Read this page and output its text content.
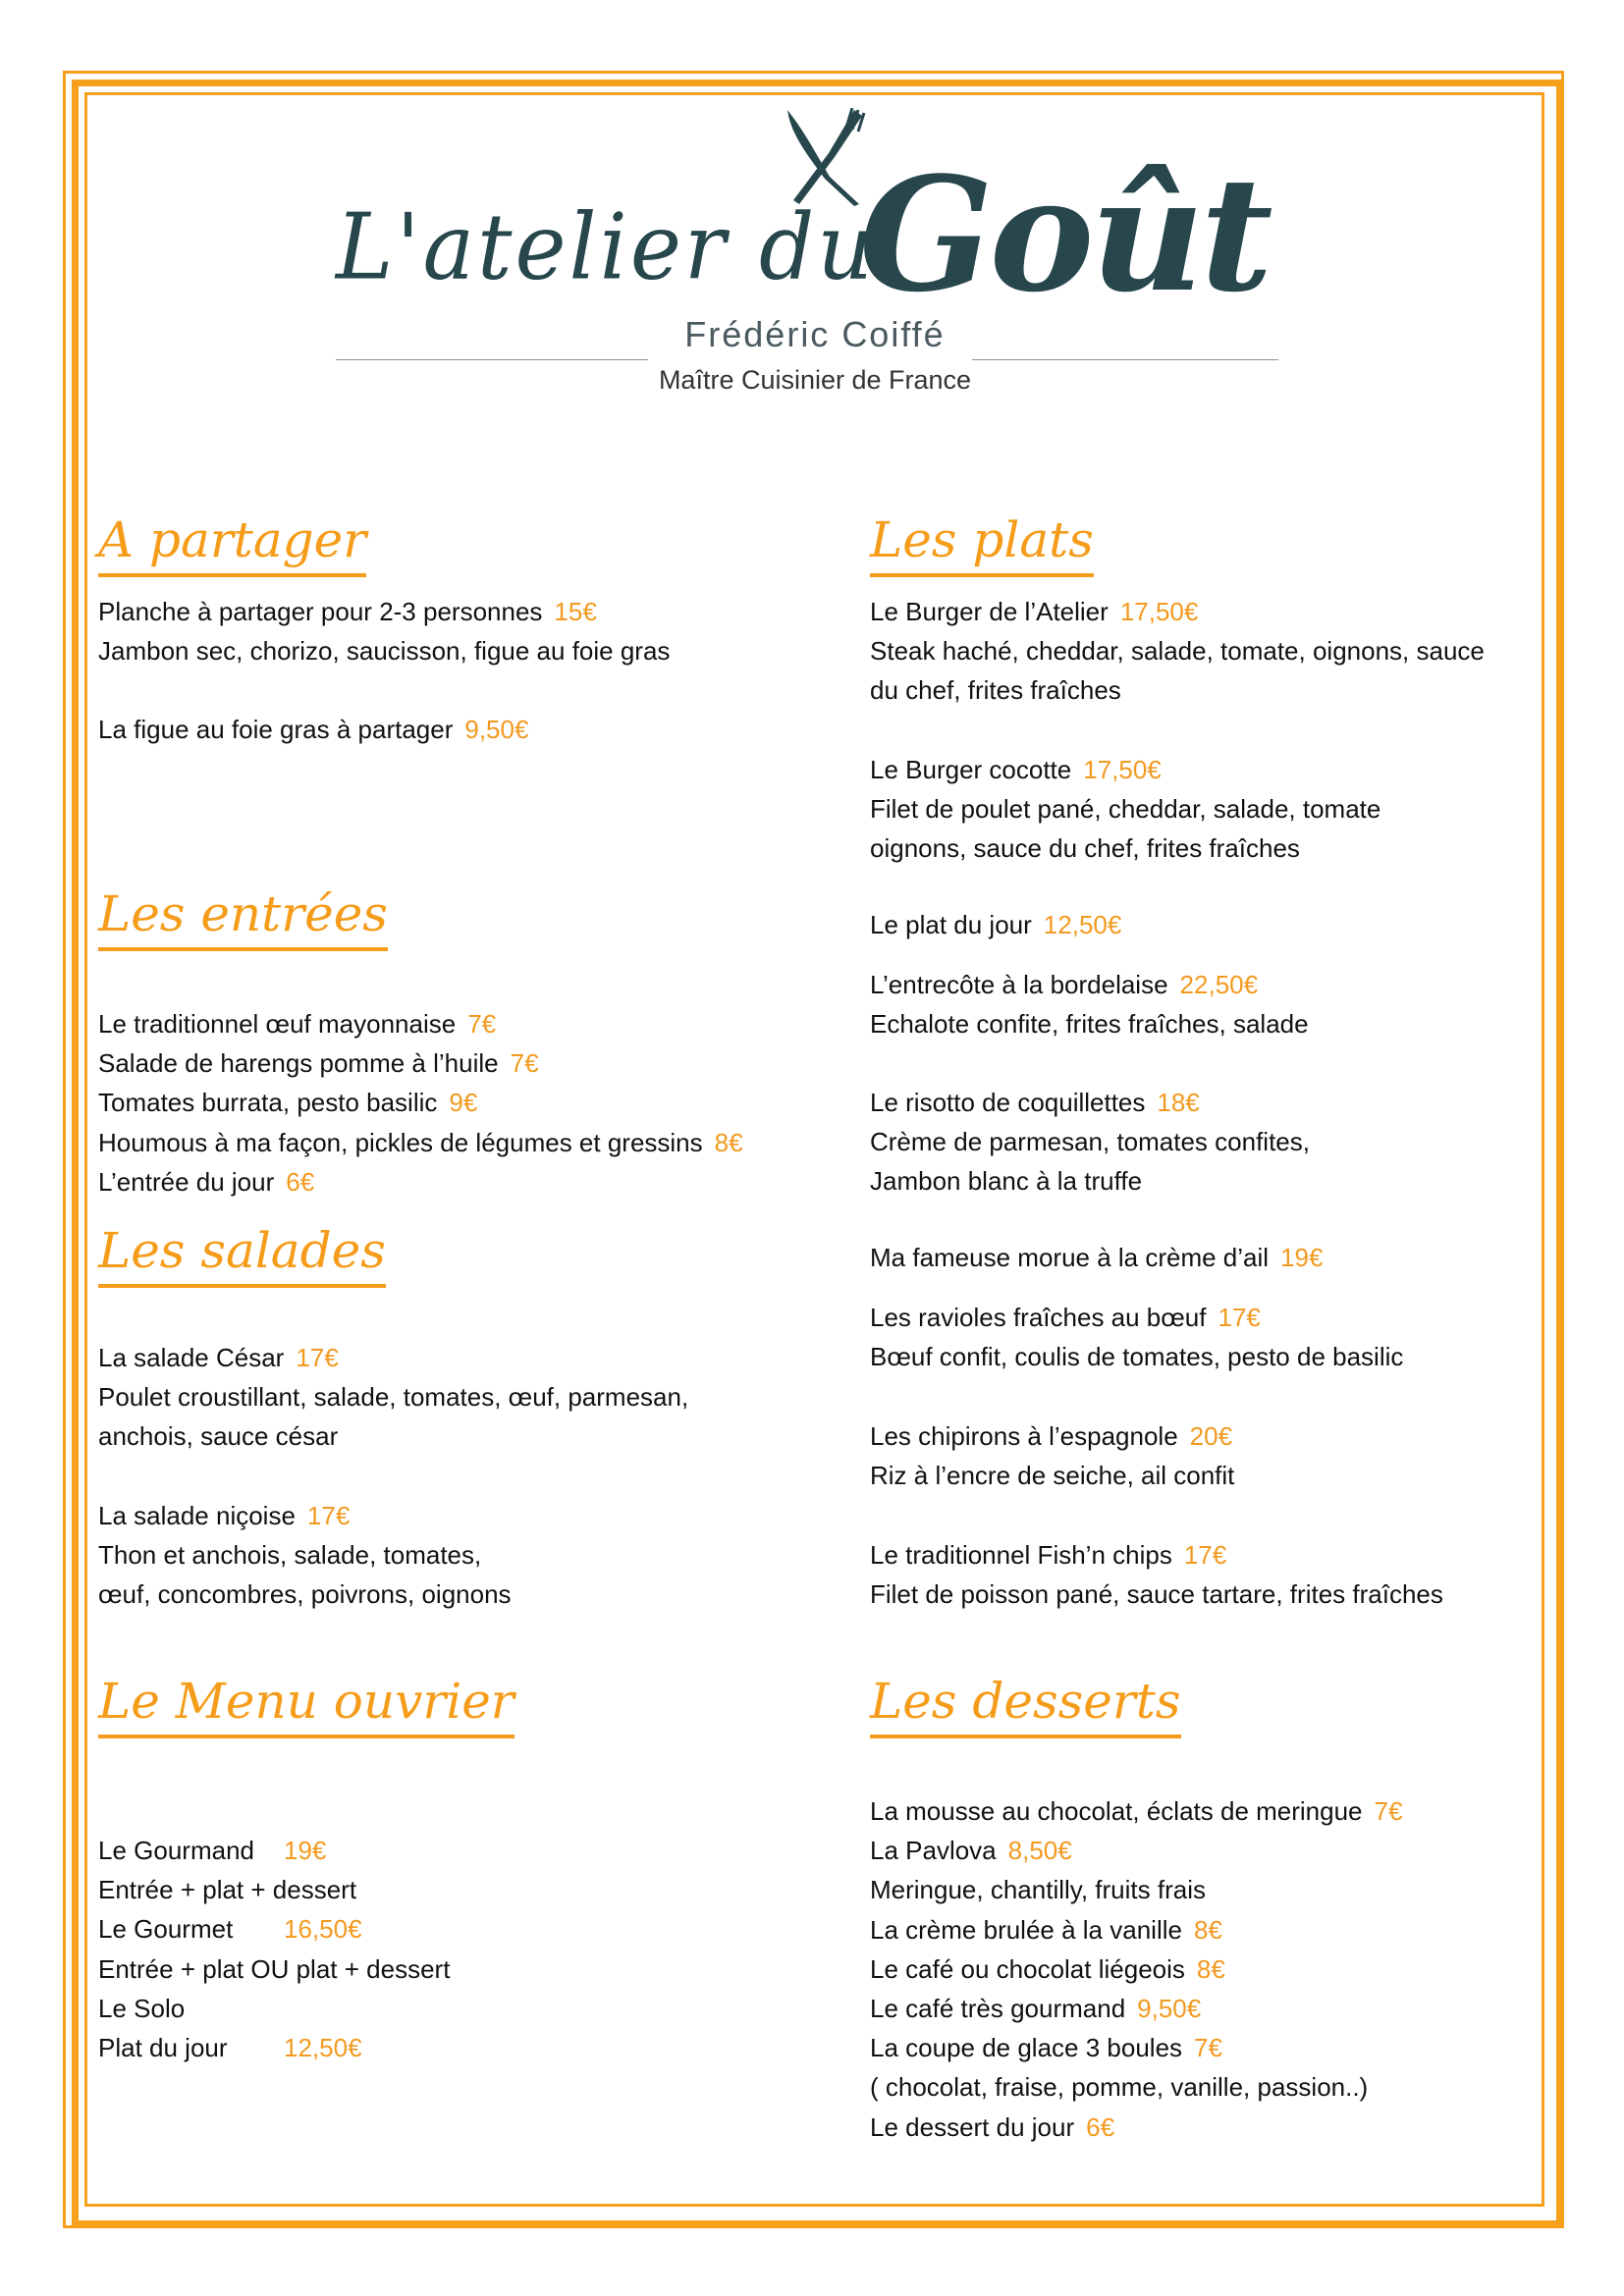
L'atelier du
Goût
Frédéric Coiffé
Maître Cuisinier de France
A partager
Planche à partager pour 2-3 personnes 15€
Jambon sec, chorizo, saucisson, figue au foie gras
La figue au foie gras à partager 9,50€
Les entrées
Le traditionnel œuf mayonnaise 7€
Salade de harengs pomme à l’huile 7€
Tomates burrata, pesto basilic 9€
Houmous à ma façon, pickles de légumes et gressins 8€
L’entrée du jour 6€
Les salades
La salade César 17€
Poulet croustillant, salade, tomates, œuf, parmesan,
anchois, sauce césar
La salade niçoise 17€
Thon et anchois, salade, tomates,
œuf, concombres, poivrons, oignons
Le Menu ouvrier
Le Gourmand 19€
Entrée + plat + dessert
Le Gourmet 16,50€
Entrée + plat OU plat + dessert
Le Solo
Plat du jour 12,50€
Les plats
Le Burger de l’Atelier 17,50€
Steak haché, cheddar, salade, tomate, oignons, sauce
du chef, frites fraîches
Le Burger cocotte 17,50€
Filet de poulet pané, cheddar, salade, tomate
oignons, sauce du chef, frites fraîches
Le plat du jour 12,50€
L’entrecôte à la bordelaise 22,50€
Echalote confite, frites fraîches, salade
Le risotto de coquillettes 18€
Crème de parmesan, tomates confites,
Jambon blanc à la truffe
Ma fameuse morue à la crème d’ail 19€
Les ravioles fraîches au bœuf 17€
Bœuf confit, coulis de tomates, pesto de basilic
Les chipirons à l’espagnole 20€
Riz à l’encre de seiche, ail confit
Le traditionnel Fish’n chips 17€
Filet de poisson pané, sauce tartare, frites fraîches
Les desserts
La mousse au chocolat, éclats de meringue 7€
La Pavlova 8,50€
Meringue, chantilly, fruits frais
La crème brulée à la vanille 8€
Le café ou chocolat liégeois 8€
Le café très gourmand 9,50€
La coupe de glace 3 boules 7€
( chocolat, fraise, pomme, vanille, passion..)
Le dessert du jour 6€
